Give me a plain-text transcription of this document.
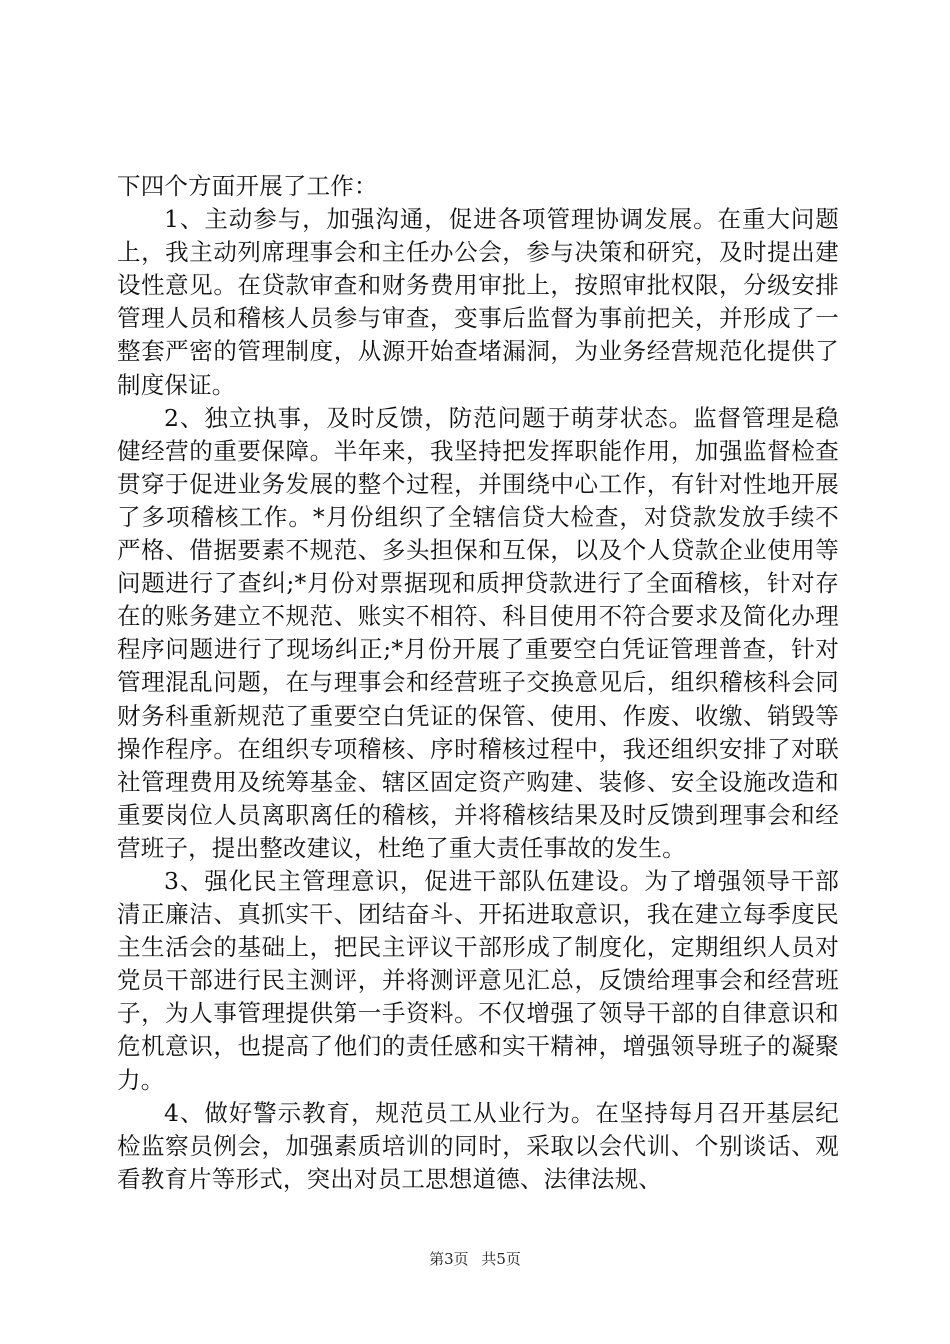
下四个方面开展了工作：

1、主动参与，加强沟通，促进各项管理协调发展。在重大问题上，我主动列席理事会和主任办公会，参与决策和研究，及时提出建设性意见。在贷款审查和财务费用审批上，按照审批权限，分级安排管理人员和稽核人员参与审查，变事后监督为事前把关，并形成了一整套严密的管理制度，从源开始查堵漏洞，为业务经营规范化提供了制度保证。

2、独立执事，及时反馈，防范问题于萌芽状态。监督管理是稳健经营的重要保障。半年来，我坚持把发挥职能作用，加强监督检查贯穿于促进业务发展的整个过程，并围绕中心工作，有针对性地开展了多项稽核工作。*月份组织了全辖信贷大检查，对贷款发放手续不严格、借据要素不规范、多头担保和互保，以及个人贷款企业使用等问题进行了查纠;*月份对票据现和质押贷款进行了全面稽核，针对存在的账务建立不规范、账实不相符、科目使用不符合要求及简化办理程序问题进行了现场纠正;*月份开展了重要空白凭证管理普查，针对管理混乱问题，在与理事会和经营班子交换意见后，组织稽核科会同财务科重新规范了重要空白凭证的保管、使用、作废、收缴、销毁等操作程序。在组织专项稽核、序时稽核过程中，我还组织安排了对联社管理费用及统筹基金、辖区固定资产购建、装修、安全设施改造和重要岗位人员离职离任的稽核，并将稽核结果及时反馈到理事会和经营班子，提出整改建议，杜绝了重大责任事故的发生。

3、强化民主管理意识，促进干部队伍建设。为了增强领导干部清正廉洁、真抓实干、团结奋斗、开拓进取意识，我在建立每季度民主生活会的基础上，把民主评议干部形成了制度化，定期组织人员对党员干部进行民主测评，并将测评意见汇总，反馈给理事会和经营班子，为人事管理提供第一手资料。不仅增强了领导干部的自律意识和危机意识，也提高了他们的责任感和实干精神，增强领导班子的凝聚力。

4、做好警示教育，规范员工从业行为。在坚持每月召开基层纪检监察员例会，加强素质培训的同时，采取以会代训、个别谈话、观看教育片等形式，突出对员工思想道德、法律法规、

第3页 共5页
